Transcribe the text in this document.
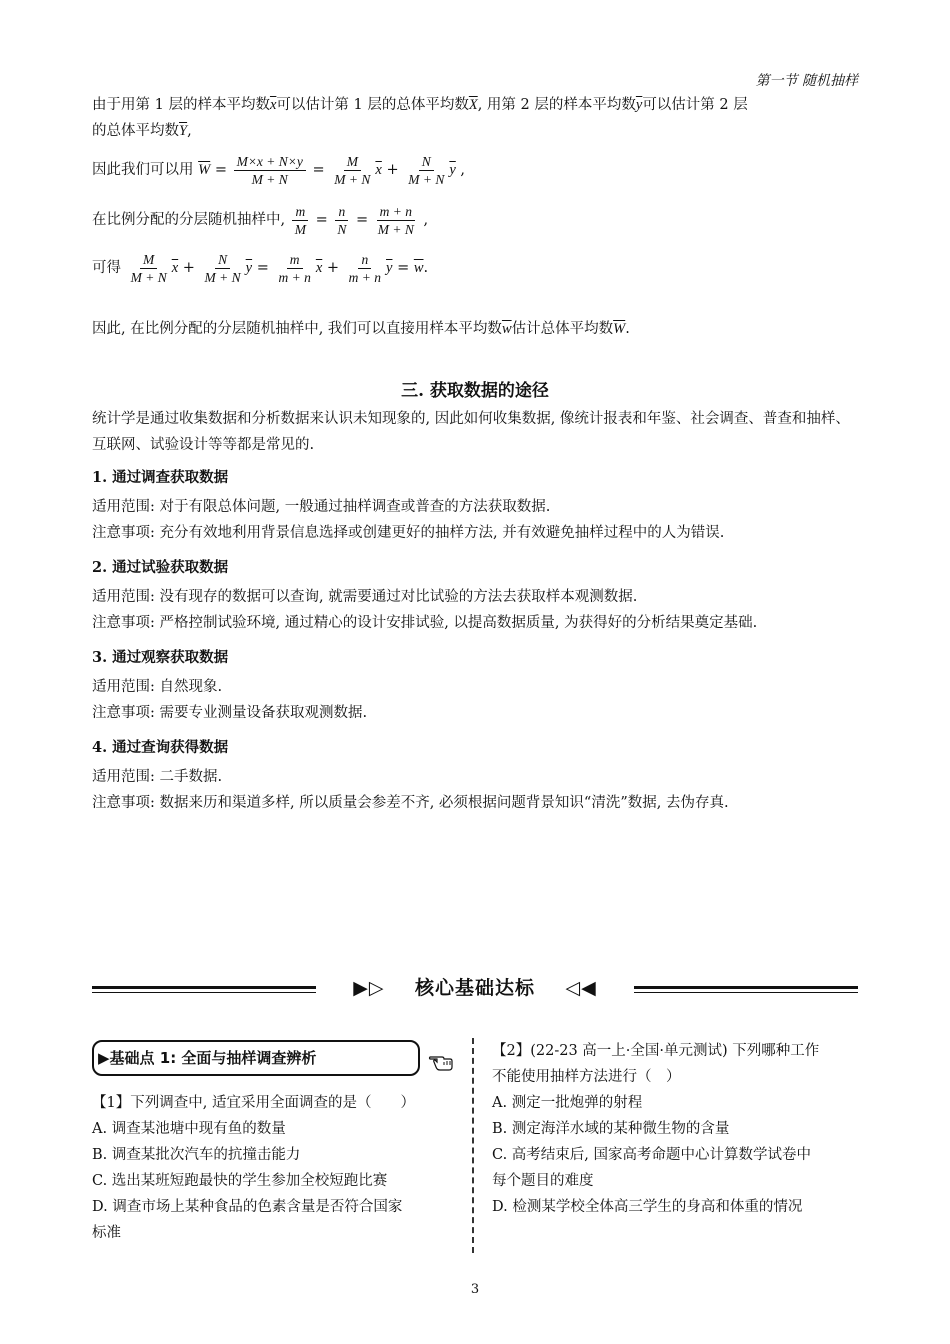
第一节 随机抽样
由于用第 1 层的样本平均数$\overline{x}$可以估计第 1 层的总体平均数$\overline{X}$, 用第 2 层的样本平均数$\overline{y}$可以估计第 2 层
的总体平均数$\overline{Y}$,
因此我们可以用 $\overline{W} = \frac{M\times x + N\times y}{M + N} = \frac{M}{M + N} \overline{x} + \frac{N}{M + N} \overline{y}$ ,
在比例分配的分层随机抽样中, $\frac{m}{M} = \frac{n}{N} = \frac{m + n}{M + N}$ ,
可得 $\frac{M}{M + N} \overline{x} + \frac{N}{M + N} \overline{y} = \frac{m}{m + n} \overline{x} + \frac{n}{m + n} \overline{y} = \overline{w}$.
因此, 在比例分配的分层随机抽样中, 我们可以直接用样本平均数$\overline{w}$估计总体平均数$\overline{W}$.
三. 获取数据的途径
统计学是通过收集数据和分析数据来认识未知现象的, 因此如何收集数据, 像统计报表和年鉴、社会调查、普查和抽样、互联网、试验设计等等都是常见的.
1. 通过调查获取数据
适用范围: 对于有限总体问题, 一般通过抽样调查或普查的方法获取数据.
注意事项: 充分有效地利用背景信息选择或创建更好的抽样方法, 并有效避免抽样过程中的人为错误.
2. 通过试验获取数据
适用范围: 没有现存的数据可以查询, 就需要通过对比试验的方法去获取样本观测数据.
注意事项: 严格控制试验环境, 通过精心的设计安排试验, 以提高数据质量, 为获得好的分析结果奠定基础.
3. 通过观察获取数据
适用范围: 自然现象.
注意事项: 需要专业测量设备获取观测数据.
4. 通过查询获得数据
适用范围: 二手数据.
注意事项: 数据来历和渠道多样, 所以质量会参差不齐, 必须根据问题背景知识“清洗”数据, 去伪存真.
▶▷ 核心基础达标 ◁◀
▶基础点 1: 全面与抽样调查辨析
【1】下列调查中, 适宜采用全面调查的是（　　）
A. 调查某池塘中现有鱼的数量
B. 调查某批次汽车的抗撞击能力
C. 选出某班短跑最快的学生参加全校短跑比赛
D. 调查市场上某种食品的色素含量是否符合国家
标准
【2】(22-23 高一上·全国·单元测试) 下列哪种工作
不能使用抽样方法进行（　）
A. 测定一批炮弹的射程
B. 测定海洋水域的某种微生物的含量
C. 高考结束后, 国家高考命题中心计算数学试卷中
每个题目的难度
D. 检测某学校全体高三学生的身高和体重的情况
3
